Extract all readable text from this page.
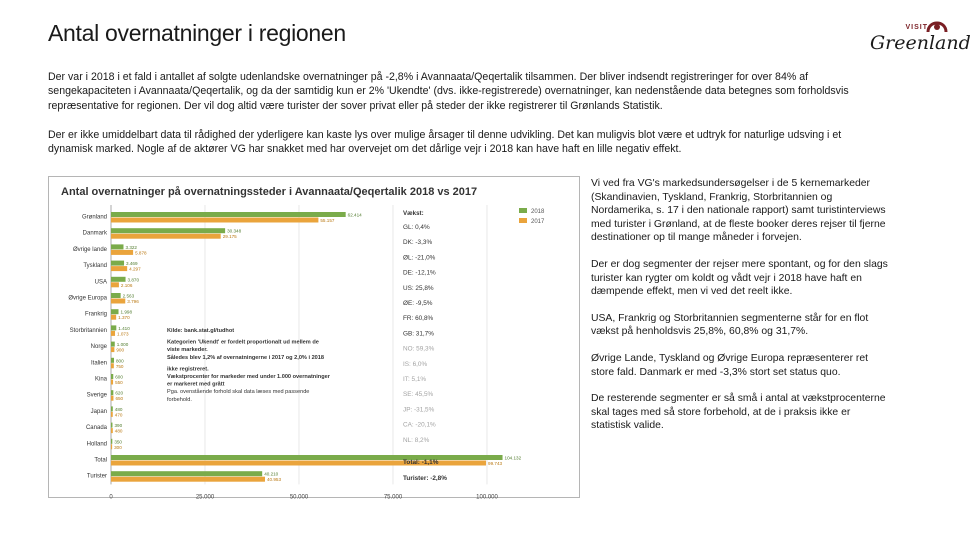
Antal overnatninger i regionen	VISIT
Greenland
Der var i 2018 i et fald i antallet af solgte udenlandske overnatninger på -2,8% i Avannaata/Qeqertalik tilsammen. Der bliver indsendt registreringer for over 84% af sengekapaciteten i Avannaata/Qeqertalik, og da der samtidig kun er 2% 'Ukendte' (dvs. ikke-registrerede) overnatninger, kan nedenstående data betegnes som forholdsvis repræsentative for regionen. Der vil dog altid være turister der sover privat eller på steder der ikke registrerer til Grønlands Statistik.
Der er ikke umiddelbart data til rådighed der yderligere kan kaste lys over mulige årsager til denne udvikling. Det kan muligvis blot være et udtryk for naturlige udsving i et dynamisk marked. Nogle af de aktører VG har snakket med har overvejet om det dårlige vejr i 2018 kan have haft en lille negativ effekt.
Antal overnatninger på overnatningssteder i Avannaata/Qeqertalik 2018 vs 2017
0	25.000	50.000	75.000	100.000
Grønland	62.414
55.157
Danmark	30.348
29.175
Øvrige lande	3.322
5.878
Tyskland	3.469
4.297
USA	3.870
2.106
Øvrige Europa	2.563
3.796
Frankrig	1.998
1.370
Storbritannien 1.410
1.073
Norge 1.000
900
Italien 800
750
Kina 600
550
Sverige 620
650
Japan 480
470
Canada 390
480
Holland 350
300
Total	104.132
99.743
Turister	40.210
40.953
2018
2017
Vækst:
GL: 0,4%
DK: -3,3%
ØL: -21,0%
DE: -12,1%
US: 25,8%
ØE: -9,5%
FR: 60,8%
GB: 31,7%
NO: 59,3%
IS: 6,0%
IT: 5,1%
SE: 45,5%
JP: -31,5%
CA: -20,1%
NL: 8,2%
Total: -1,1%
Turister: -2,8%
Kilde: bank.stat.gl/tudhot
Kategorien 'Ukendt' er fordelt proportionalt ud mellem de
viste markeder.
Således blev 1,2% af overnatningerne i 2017 og 2,0% i 2018
ikke registreret.
Vækstprocenter for markeder med under 1.000 overnatninger
er markeret med grått
Pga. ovenstående forhold skal data læses med passende
forbehold.

Vi ved fra VG's markedsundersøgelser i de 5 kernemarkeder (Skandinavien, Tyskland, Frankrig, Storbritannien og Nordamerika, s. 17 i den nationale rapport) samt turistinterviews med turister i Grønland, at de fleste booker deres rejser til fjerne destinationer op til mange måneder i forvejen.

Der er dog segmenter der rejser mere spontant, og for den slags turister kan rygter om koldt og vådt vejr i 2018 have haft en dæmpende effekt, men vi ved det reelt ikke.

USA, Frankrig og Storbritannien segmenterne står for en flot vækst på henholdsvis 25,8%, 60,8% og 31,7%.

Øvrige Lande, Tyskland og Øvrige Europa repræsenterer ret store fald. Danmark er med -3,3% stort set status quo.

De resterende segmenter er så små i antal at vækstprocenterne skal tages med så store forbehold, at de i praksis ikke er statistisk valide.
